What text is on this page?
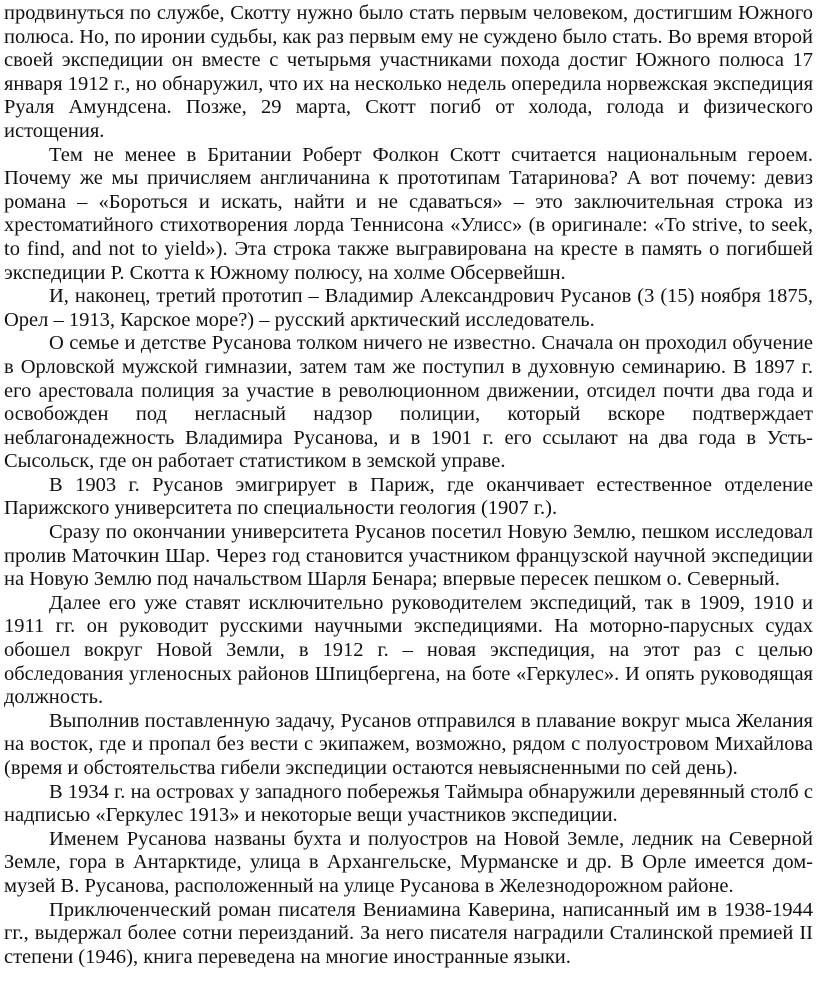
продвинуться по службе, Скотту нужно было стать первым человеком, достигшим Южного полюса. Но, по иронии судьбы, как раз первым ему не суждено было стать. Во время второй своей экспедиции он вместе с четырьмя участниками похода достиг Южного полюса 17 января 1912 г., но обнаружил, что их на несколько недель опередила норвежская экспедиция Руаля Амундсена. Позже, 29 марта, Скотт погиб от холода, голода и физического истощения.

Тем не менее в Британии Роберт Фолкон Скотт считается национальным героем. Почему же мы причисляем англичанина к прототипам Татаринова? А вот почему: девиз романа – «Бороться и искать, найти и не сдаваться» – это заключительная строка из хрестоматийного стихотворения лорда Теннисона «Улисс» (в оригинале: «To strive, to seek, to find, and not to yield»). Эта строка также выгравирована на кресте в память о погибшей экспедиции Р. Скотта к Южному полюсу, на холме Обсервейшн.

И, наконец, третий прототип – Владимир Александрович Русанов (3 (15) ноября 1875, Орел – 1913, Карское море?) – русский арктический исследователь.

О семье и детстве Русанова толком ничего не известно. Сначала он проходил обучение в Орловской мужской гимназии, затем там же поступил в духовную семинарию. В 1897 г. его арестовала полиция за участие в революционном движении, отсидел почти два года и освобожден под негласный надзор полиции, который вскоре подтверждает неблагонадежность Владимира Русанова, и в 1901 г. его ссылают на два года в Усть-Сысольск, где он работает статистиком в земской управе.

В 1903 г. Русанов эмигрирует в Париж, где оканчивает естественное отделение Парижского университета по специальности геология (1907 г.).

Сразу по окончании университета Русанов посетил Новую Землю, пешком исследовал пролив Маточкин Шар. Через год становится участником французской научной экспедиции на Новую Землю под начальством Шарля Бенара; впервые пересек пешком о. Северный.

Далее его уже ставят исключительно руководителем экспедиций, так в 1909, 1910 и 1911 гг. он руководит русскими научными экспедициями. На моторно-парусных судах обошел вокруг Новой Земли, в 1912 г. – новая экспедиция, на этот раз с целью обследования угленосных районов Шпицбергена, на боте «Геркулес». И опять руководящая должность.

Выполнив поставленную задачу, Русанов отправился в плавание вокруг мыса Желания на восток, где и пропал без вести с экипажем, возможно, рядом с полуостровом Михайлова (время и обстоятельства гибели экспедиции остаются невыясненными по сей день).

В 1934 г. на островах у западного побережья Таймыра обнаружили деревянный столб с надписью «Геркулес 1913» и некоторые вещи участников экспедиции.

Именем Русанова названы бухта и полуостров на Новой Земле, ледник на Северной Земле, гора в Антарктиде, улица в Архангельске, Мурманске и др. В Орле имеется дом-музей В. Русанова, расположенный на улице Русанова в Железнодорожном районе.

Приключенческий роман писателя Вениамина Каверина, написанный им в 1938-1944 гг., выдержал более сотни переизданий. За него писателя наградили Сталинской премией II степени (1946), книга переведена на многие иностранные языки.
